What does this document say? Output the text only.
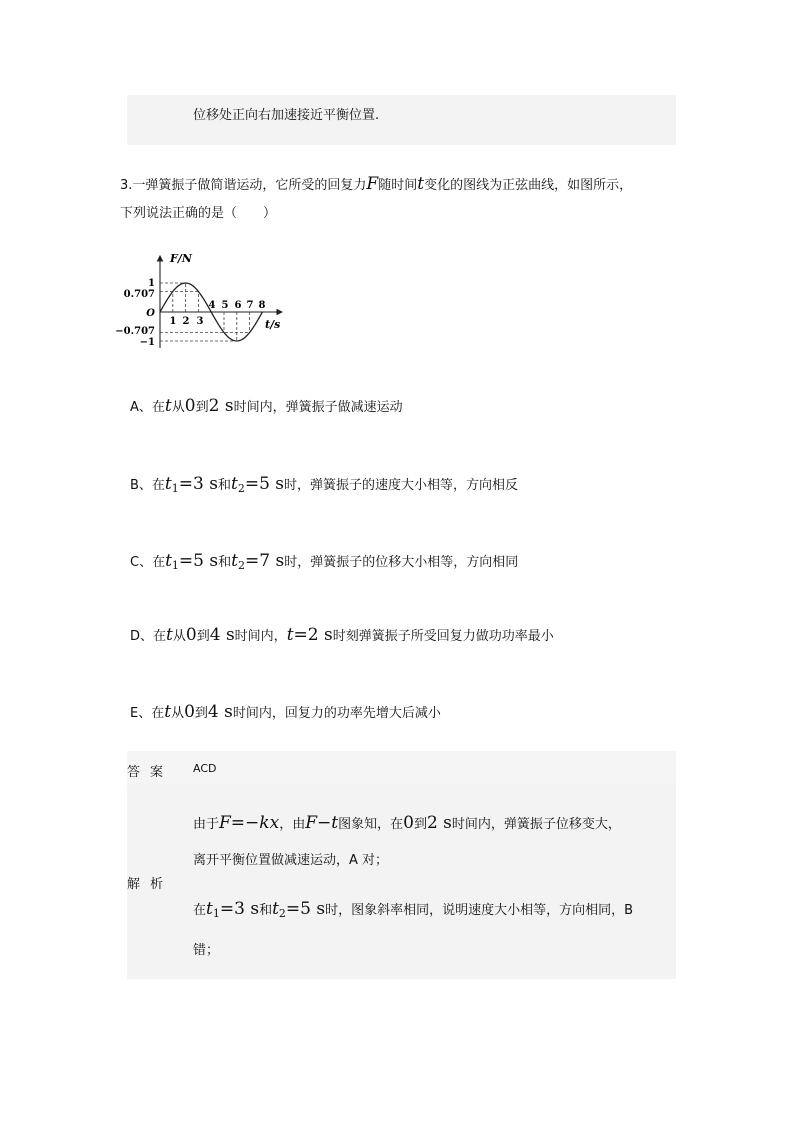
位移处正向右加速接近平衡位置.
3.一弹簧振子做简谐运动，它所受的回复力F随时间t变化的图线为正弦曲线，如图所示，
下列说法正确的是（　　）
F/N
t/s
1
0.707
O
−0.707
−1
1 2 3
4 5 6 7 8
A、在t从0到2 s时间内，弹簧振子做减速运动
B、在$t_1=3$ s和$t_2=5$ s时，弹簧振子的速度大小相等，方向相反
C、在$t_1=5$ s和$t_2=7$ s时，弹簧振子的位移大小相等，方向相同
D、在t从0到4 s时间内，t=2 s时刻弹簧振子所受回复力做功功率最小
E、在t从0到4 s时间内，回复力的功率先增大后减小
答案 ACD
解析
由于F=−kx，由F−t图象知，在0到2 s时间内，弹簧振子位移变大，
离开平衡位置做减速运动，A 对；
在$t_1=3$ s和$t_2=5$ s时，图象斜率相同，说明速度大小相等，方向相同，B
错；
